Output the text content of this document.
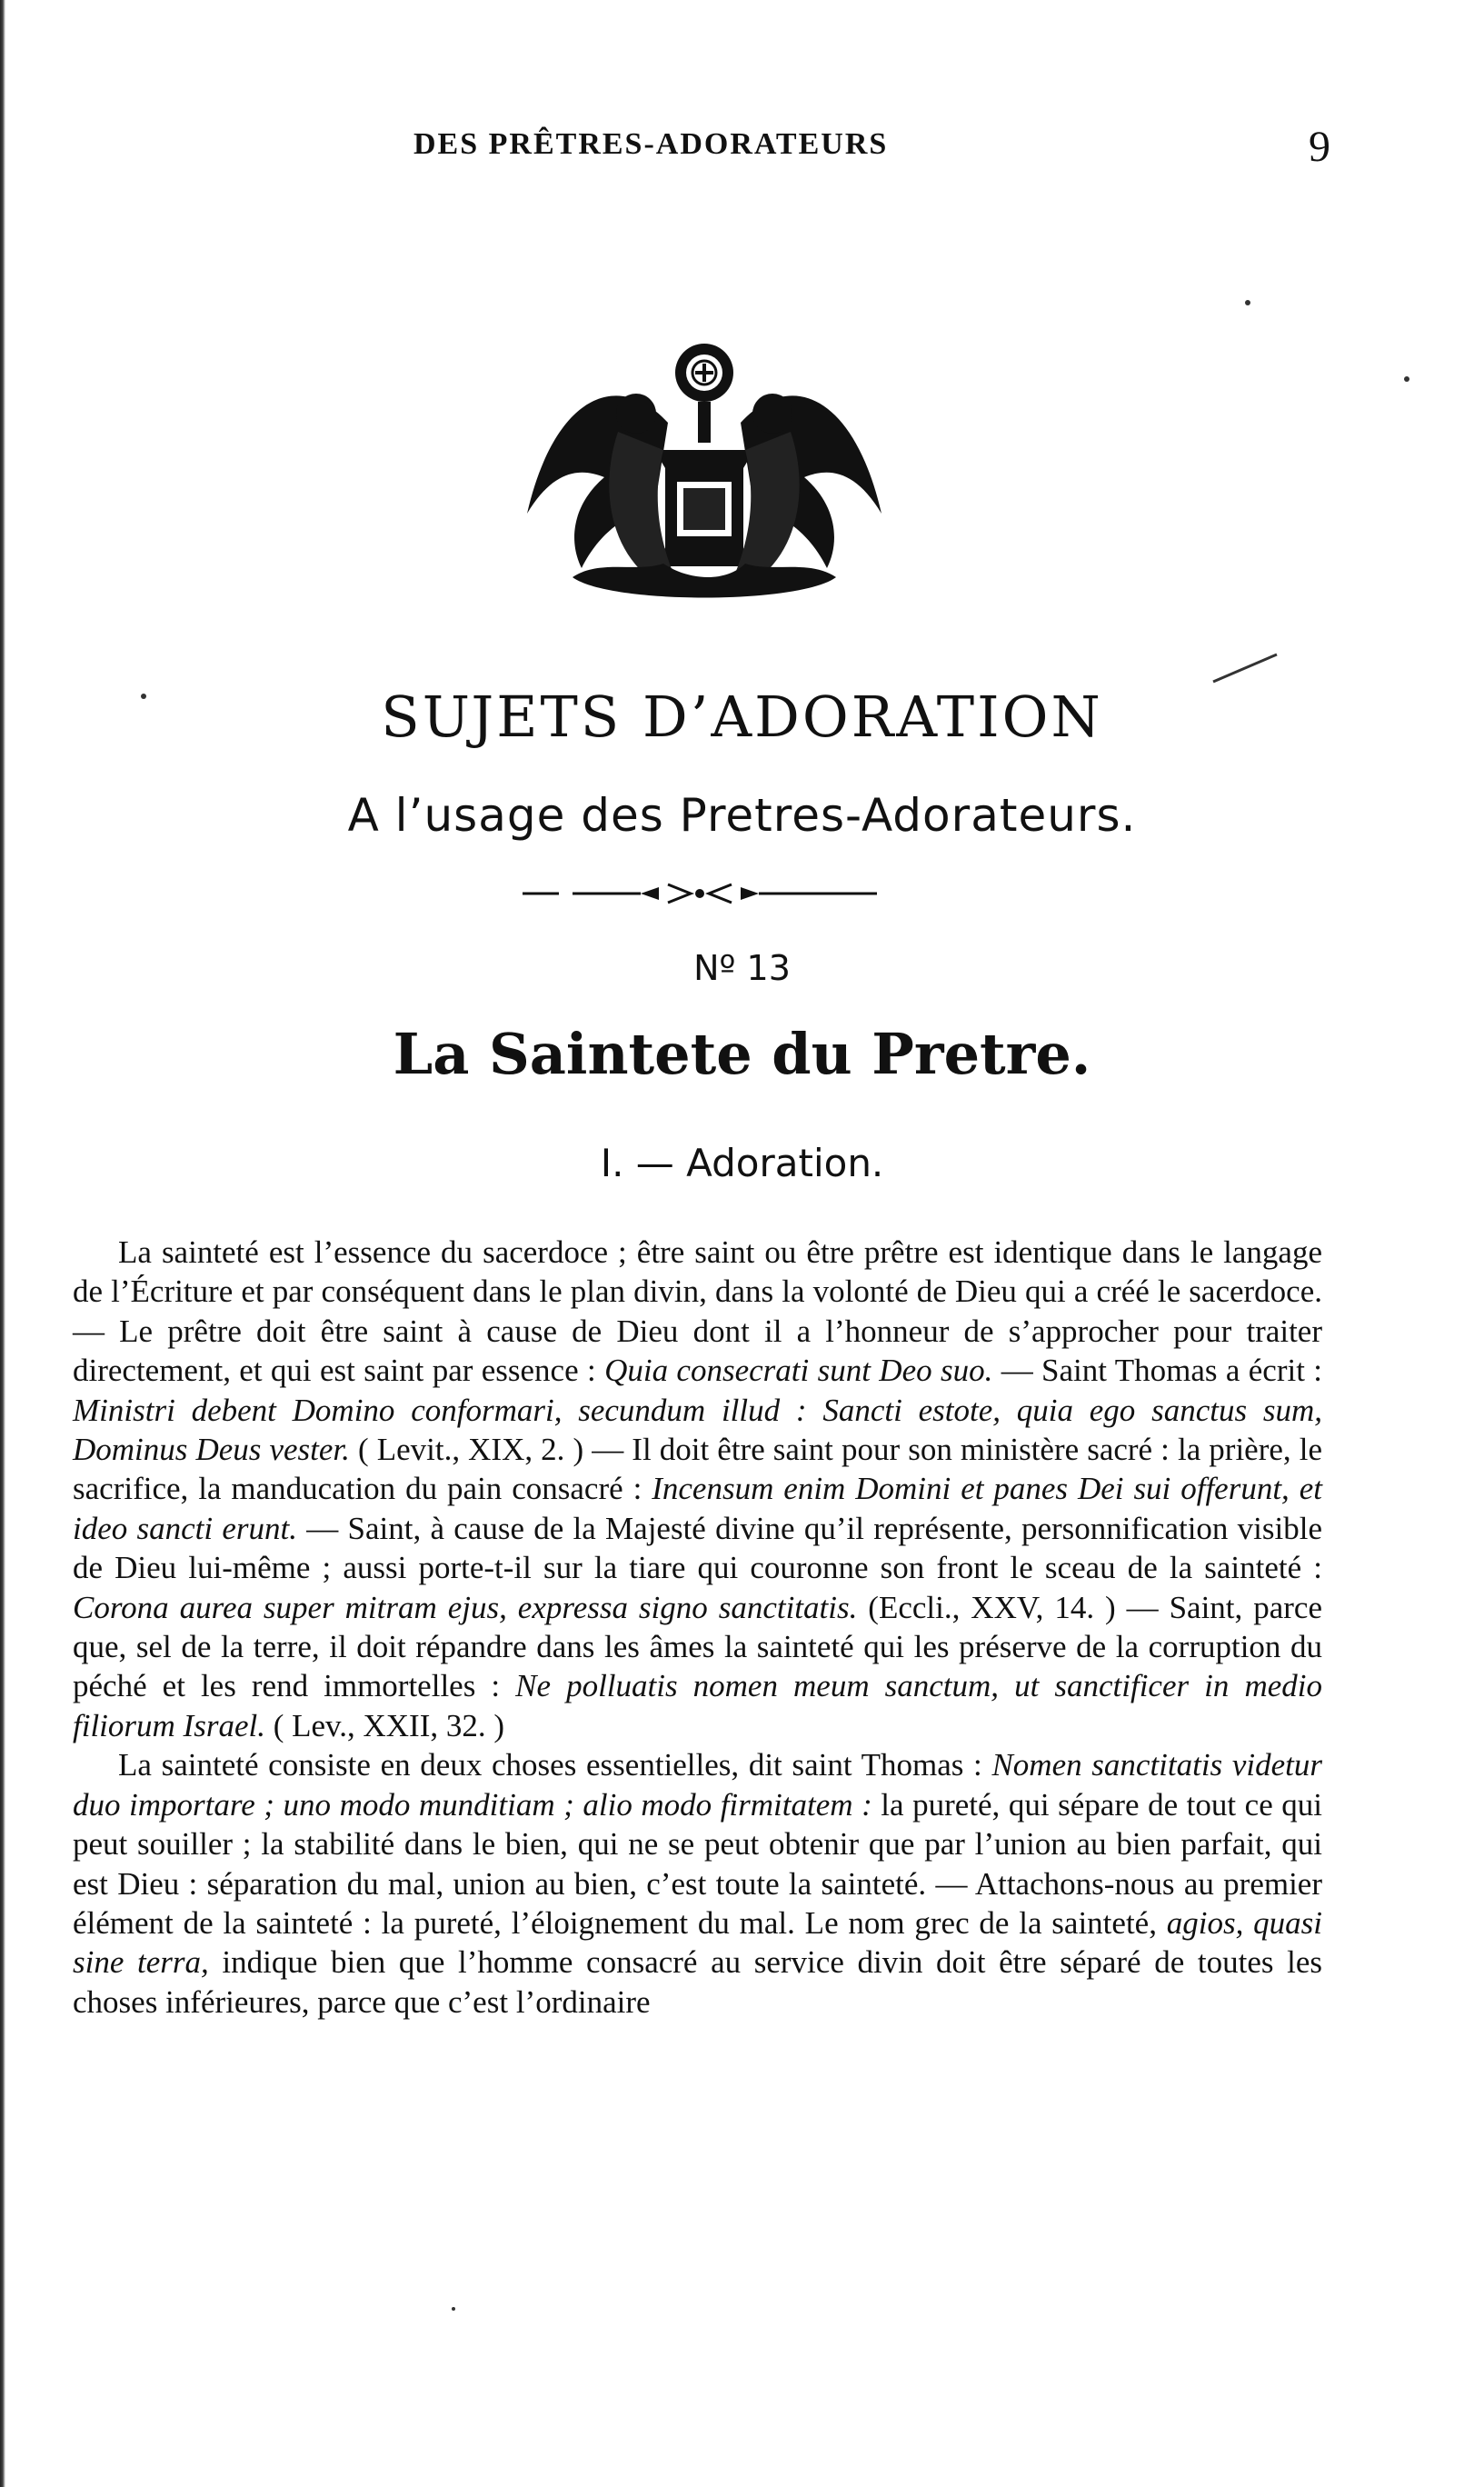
DES PRÊTRES-ADORATEURS	9
SUJETS D’ADORATION
A l’usage des Pretres-Adorateurs.
Nº 13
La Saintete du Pretre.
I. — Adoration.

La sainteté est l’essence du sacerdoce ; être saint ou être prêtre est identique dans le langage de l’Écriture et par conséquent dans le plan divin, dans la volonté de Dieu qui a créé le sacerdoce. — Le prêtre doit être saint à cause de Dieu dont il a l’honneur de s’approcher pour traiter directement, et qui est saint par essence : Quia consecrati sunt Deo suo. — Saint Thomas a écrit : Ministri debent Domino conformari, secundum illud : Sancti estote, quia ego sanctus sum, Dominus Deus vester. ( Levit., XIX, 2. ) — Il doit être saint pour son ministère sacré : la prière, le sacrifice, la manducation du pain consacré : Incensum enim Domini et panes Dei sui offerunt, et ideo sancti erunt. — Saint, à cause de la Majesté divine qu’il représente, personnification visible de Dieu lui-même ; aussi porte-t-il sur la tiare qui couronne son front le sceau de la sainteté : Corona aurea super mitram ejus, expressa signo sanctitatis. (Eccli., XXV, 14. ) — Saint, parce que, sel de la terre, il doit répandre dans les âmes la sainteté qui les préserve de la corruption du péché et les rend immortelles : Ne polluatis nomen meum sanctum, ut sanctificer in medio filiorum Israel. ( Lev., XXII, 32. )

La sainteté consiste en deux choses essentielles, dit saint Thomas : Nomen sanctitatis videtur duo importare ; uno modo munditiam ; alio modo firmitatem : la pureté, qui sépare de tout ce qui peut souiller ; la stabilité dans le bien, qui ne se peut obtenir que par l’union au bien parfait, qui est Dieu : séparation du mal, union au bien, c’est toute la sainteté. — Attachons-nous au premier élément de la sainteté : la pureté, l’éloignement du mal. Le nom grec de la sainteté, agios, quasi sine terra, indique bien que l’homme consacré au service divin doit être séparé de toutes les choses inférieures, parce que c’est l’ordinaire
